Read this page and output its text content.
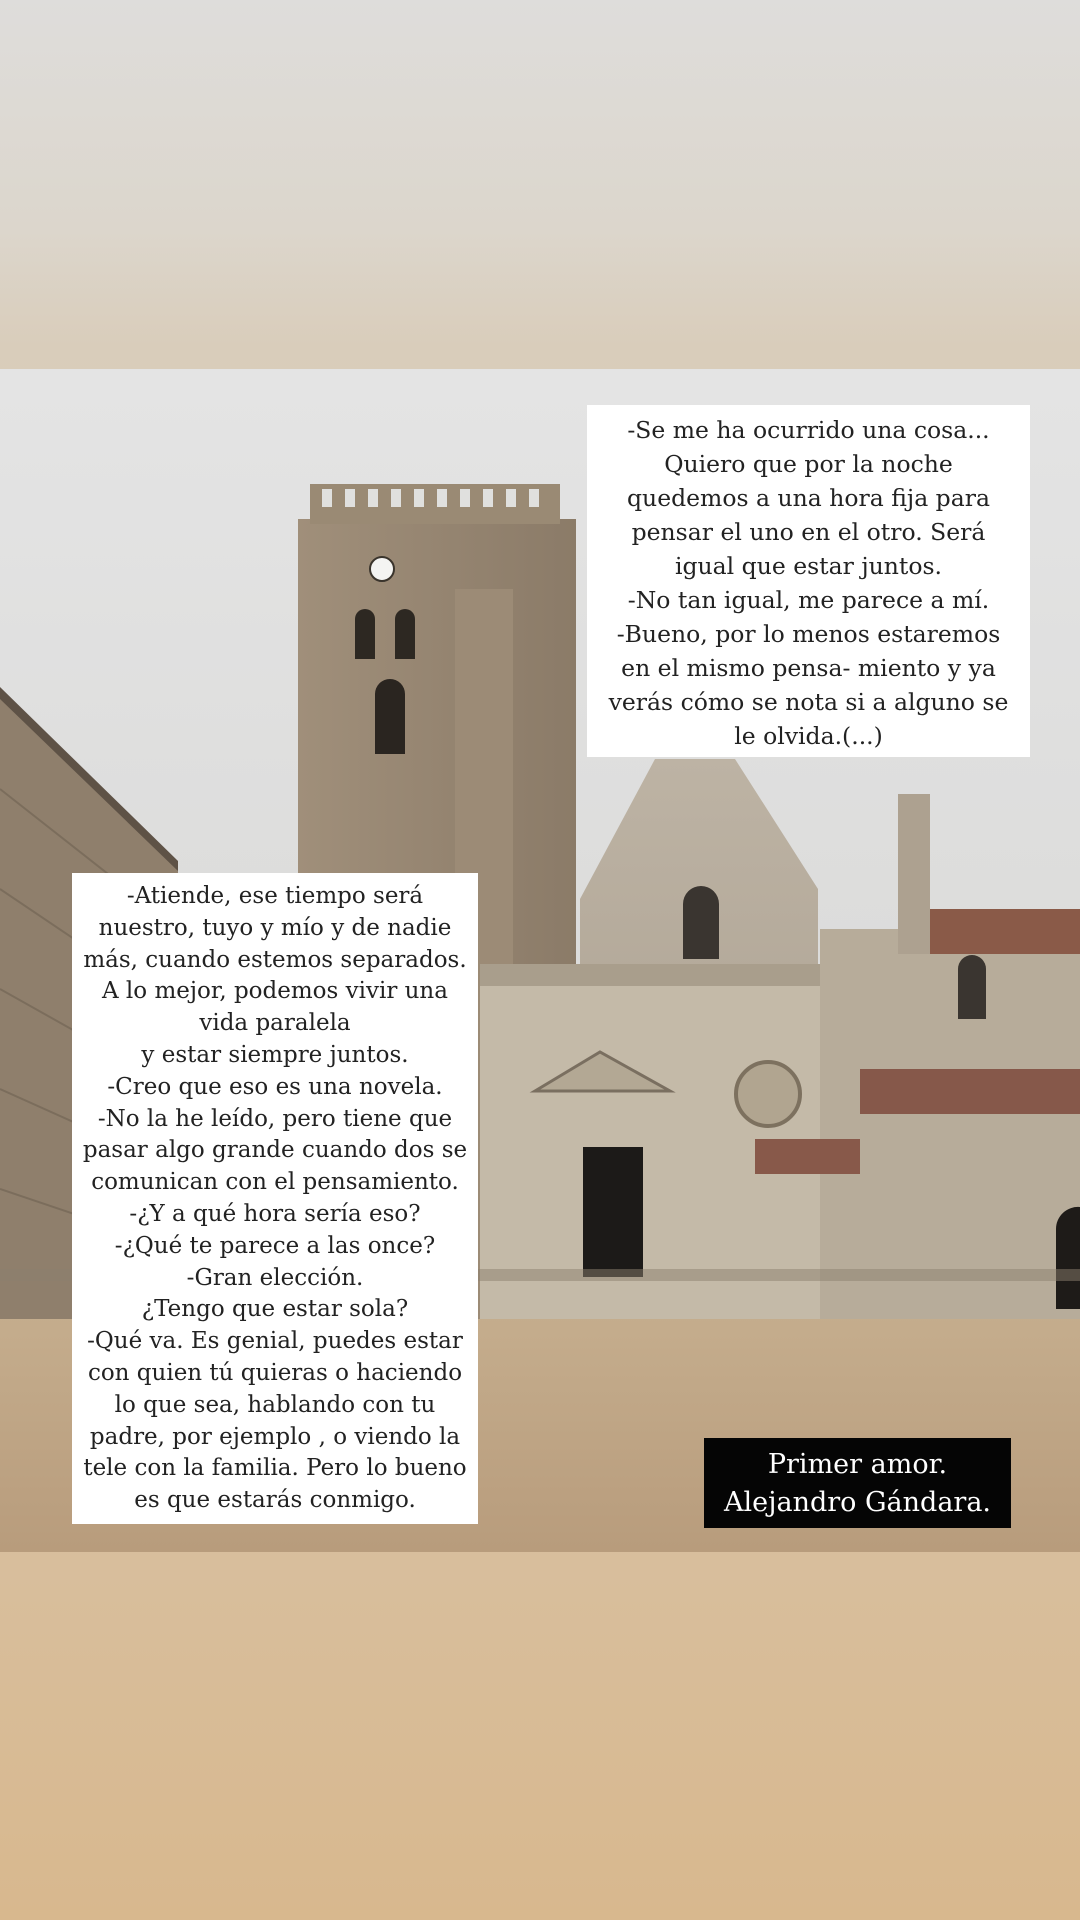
-Se me ha ocurrido una cosa...
Quiero que por la noche
quedemos a una hora fija para
pensar el uno en el otro. Será
igual que estar juntos.
-No tan igual, me parece a mí.
-Bueno, por lo menos estaremos
en el mismo pensa- miento y ya
verás cómo se nota si a alguno se
le olvida.(...)
-Atiende, ese tiempo será
nuestro, tuyo y mío y de nadie
más, cuando estemos separados.
A lo mejor, podemos vivir una
vida paralela
y estar siempre juntos.
-Creo que eso es una novela.
-No la he leído, pero tiene que
pasar algo grande cuando dos se
comunican con el pensamiento.
-¿Y a qué hora sería eso?
-¿Qué te parece a las once?
-Gran elección.
¿Tengo que estar sola?
-Qué va. Es genial, puedes estar
con quien tú quieras o haciendo
lo que sea, hablando con tu
padre, por ejemplo , o viendo la
tele con la familia. Pero lo bueno
es que estarás conmigo.
Primer amor.
Alejandro Gándara.
